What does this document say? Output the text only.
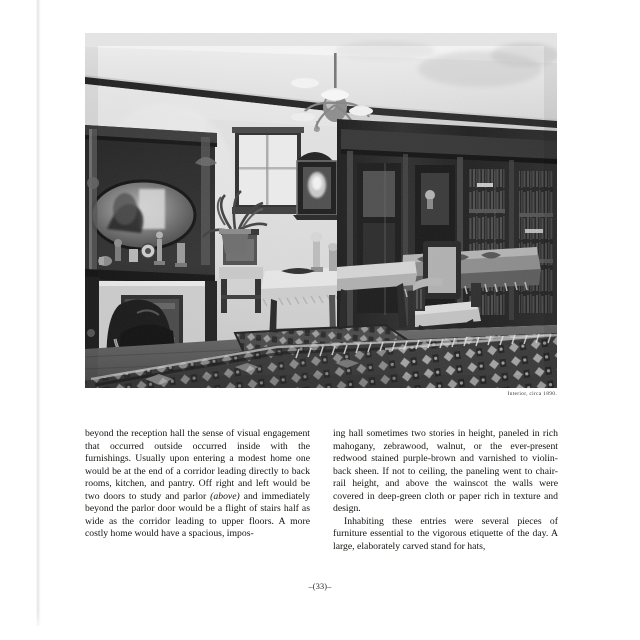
Interior, circa 1890.

beyond the reception hall the sense of visual engagement that occurred outside occurred inside with the furnishings. Usually upon entering a modest home one would be at the end of a corridor leading directly to back rooms, kitchen, and pantry. Off right and left would be two doors to study and parlor (above) and immediately beyond the parlor door would be a flight of stairs half as wide as the corridor leading to upper floors. A more costly home would have a spacious, impos-

ing hall sometimes two stories in height, paneled in rich mahogany, zebrawood, walnut, or the ever-present redwood stained purple-brown and varnished to violin-back sheen. If not to ceiling, the paneling went to chair-rail height, and above the wainscot the walls were covered in deep-green cloth or paper rich in texture and design.

Inhabiting these entries were several pieces of furniture essential to the vigorous etiquette of the day. A large, elaborately carved stand for hats,

–(33)–
